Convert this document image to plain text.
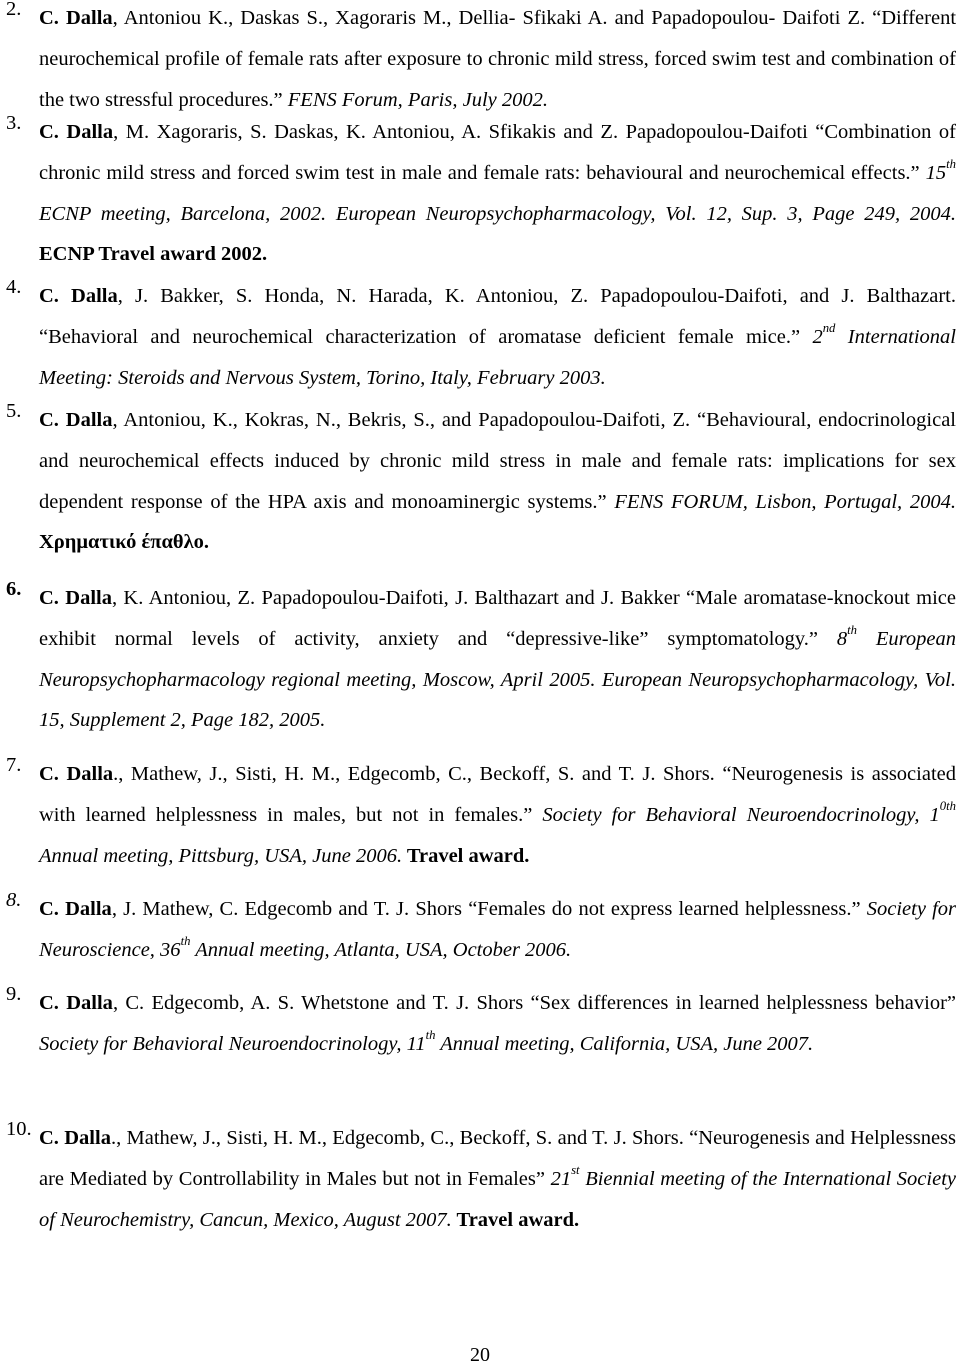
2. C. Dalla, Antoniou K., Daskas S., Xagoraris M., Dellia- Sfikaki A. and Papadopoulou- Daifoti Z. “Different neurochemical profile of female rats after exposure to chronic mild stress, forced swim test and combination of the two stressful procedures.” FENS Forum, Paris, July 2002.
3. C. Dalla, M. Xagoraris, S. Daskas, K. Antoniou, A. Sfikakis and Z. Papadopoulou-Daifoti “Combination of chronic mild stress and forced swim test in male and female rats: behavioural and neurochemical effects.” 15th ECNP meeting, Barcelona, 2002. European Neuropsychopharmacology, Vol. 12, Sup. 3, Page 249, 2004. ECNP Travel award 2002.
4. C. Dalla, J. Bakker, S. Honda, N. Harada, K. Antoniou, Z. Papadopoulou-Daifoti, and J. Balthazart. “Behavioral and neurochemical characterization of aromatase deficient female mice.” 2nd International Meeting: Steroids and Nervous System, Torino, Italy, February 2003.
5. C. Dalla, Antoniou, K., Kokras, N., Bekris, S., and Papadopoulou-Daifoti, Z. “Behavioural, endocrinological and neurochemical effects induced by chronic mild stress in male and female rats: implications for sex dependent response of the HPA axis and monoaminergic systems.” FENS FORUM, Lisbon, Portugal, 2004. Χρηματικό έπαθλο.
6. C. Dalla, K. Antoniou, Z. Papadopoulou-Daifoti, J. Balthazart and J. Bakker “Male aromatase-knockout mice exhibit normal levels of activity, anxiety and “depressive-like” symptomatology.” 8th European Neuropsychopharmacology regional meeting, Moscow, April 2005. European Neuropsychopharmacology, Vol. 15, Supplement 2, Page 182, 2005.
7. C. Dalla., Mathew, J., Sisti, H. M., Edgecomb, C., Beckoff, S. and T. J. Shors. “Neurogenesis is associated with learned helplessness in males, but not in females.” Society for Behavioral Neuroendocrinology, $1^{0th}$ Annual meeting, Pittsburg, USA, June 2006. Travel award.
8. C. Dalla, J. Mathew, C. Edgecomb and T. J. Shors “Females do not express learned helplessness.” Society for Neuroscience, 36th Annual meeting, Atlanta, USA, October 2006.
9. C. Dalla, C. Edgecomb, A. S. Whetstone and T. J. Shors “Sex differences in learned helplessness behavior” Society for Behavioral Neuroendocrinology, 11th Annual meeting, California, USA, June 2007.
10. C. Dalla., Mathew, J., Sisti, H. M., Edgecomb, C., Beckoff, S. and T. J. Shors. “Neurogenesis and Helplessness are Mediated by Controllability in Males but not in Females” 21st Biennial meeting of the International Society of Neurochemistry, Cancun, Mexico, August 2007. Travel award.
20
